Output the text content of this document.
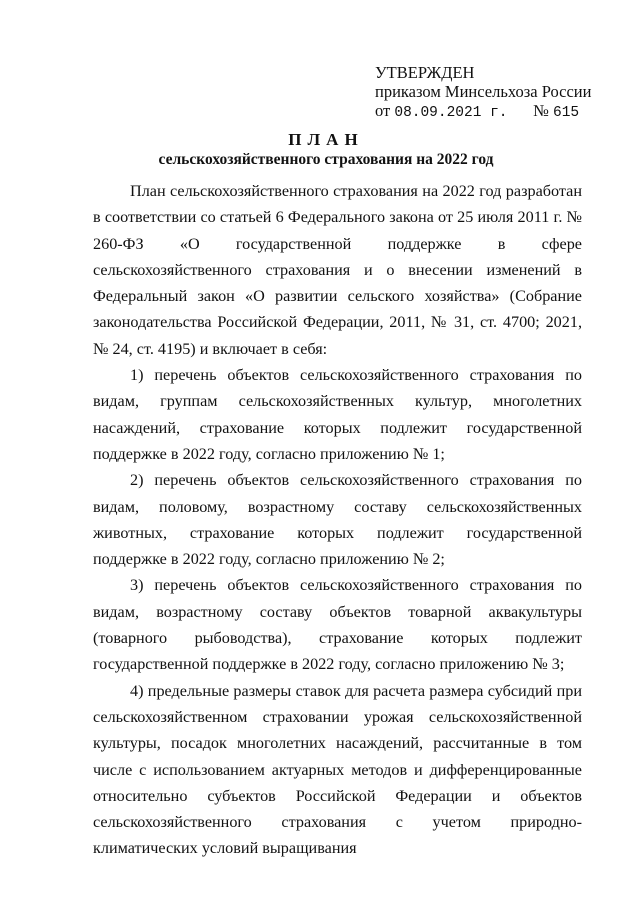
УТВЕРЖДЕН
приказом Минсельхоза России
от 08.09.2021 г. № 615
ПЛАН
сельскохозяйственного страхования на 2022 год

План сельскохозяйственного страхования на 2022 год разработан в соответствии со статьей 6 Федерального закона от 25 июля 2011 г. № 260-ФЗ «О государственной поддержке в сфере сельскохозяйственного страхования и о внесении изменений в Федеральный закон «О развитии сельского хозяйства» (Собрание законодательства Российской Федерации, 2011, № 31, ст. 4700; 2021, № 24, ст. 4195) и включает в себя:

1) перечень объектов сельскохозяйственного страхования по видам, группам сельскохозяйственных культур, многолетних насаждений, страхование которых подлежит государственной поддержке в 2022 году, согласно приложению № 1;

2) перечень объектов сельскохозяйственного страхования по видам, половому, возрастному составу сельскохозяйственных животных, страхование которых подлежит государственной поддержке в 2022 году, согласно приложению № 2;

3) перечень объектов сельскохозяйственного страхования по видам, возрастному составу объектов товарной аквакультуры (товарного рыбоводства), страхование которых подлежит государственной поддержке в 2022 году, согласно приложению № 3;

4) предельные размеры ставок для расчета размера субсидий при сельскохозяйственном страховании урожая сельскохозяйственной культуры, посадок многолетних насаждений, рассчитанные в том числе с использованием актуарных методов и дифференцированные относительно субъектов Российской Федерации и объектов сельскохозяйственного страхования с учетом природно-климатических условий выращивания
